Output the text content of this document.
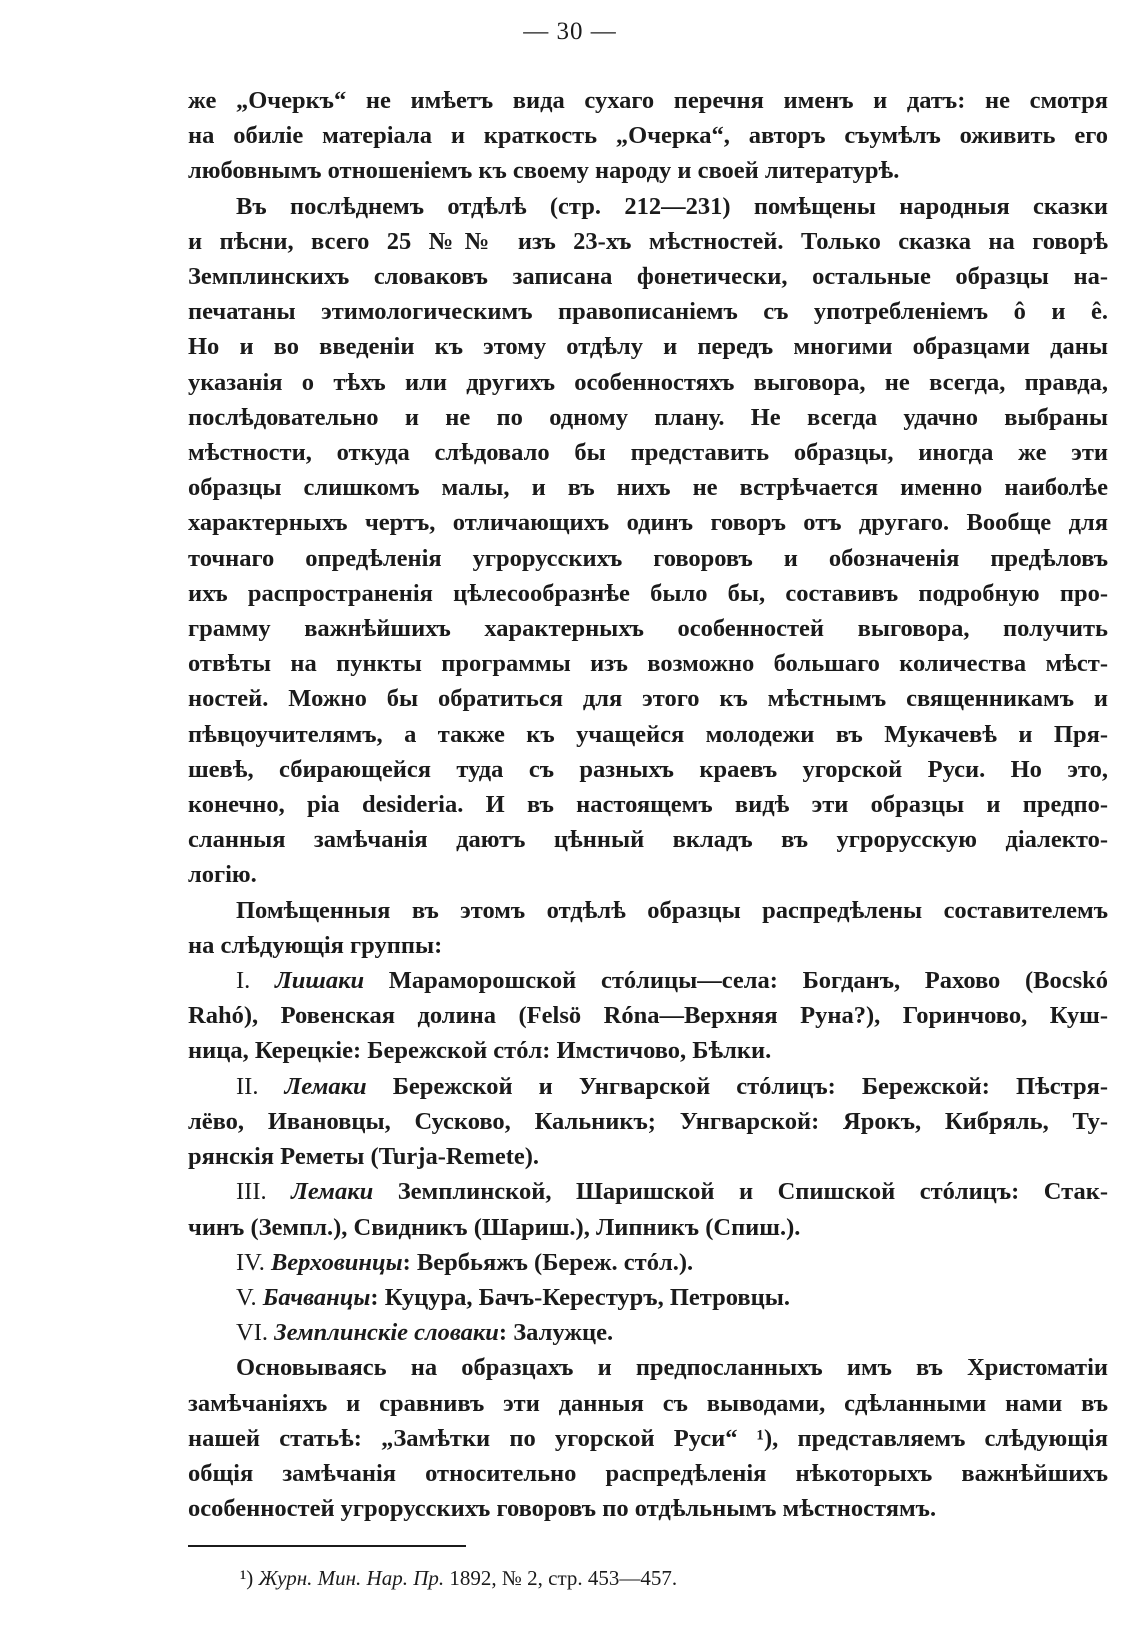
— 30 —
же „Очеркъ“ не имѣетъ вида сухаго перечня именъ и датъ: не смотря
на обиліе матеріала и краткость „Очерка“, авторъ съумѣлъ оживить его
любовнымъ отношеніемъ къ своему народу и своей литературѣ.
Въ послѣднемъ отдѣлѣ (стр. 212—231) помѣщены народныя сказки
и пѣсни, всего 25 №№ изъ 23-хъ мѣстностей. Только сказка на говорѣ
Земплинскихъ словаковъ записана фонетически, остальные образцы на-
печатаны этимологическимъ правописаніемъ съ употребленіемъ ô и ê.
Но и во введеніи къ этому отдѣлу и передъ многими образцами даны
указанія о тѣхъ или другихъ особенностяхъ выговора, не всегда, правда,
послѣдовательно и не по одному плану. Не всегда удачно выбраны
мѣстности, откуда слѣдовало бы представить образцы, иногда же эти
образцы слишкомъ малы, и въ нихъ не встрѣчается именно наиболѣе
характерныхъ чертъ, отличающихъ одинъ говоръ отъ другаго. Вообще для
точнаго опредѣленія угрорусскихъ говоровъ и обозначенія предѣловъ
ихъ распространенія цѣлесообразнѣе было бы, составивъ подробную про-
грамму важнѣйшихъ характерныхъ особенностей выговора, получить
отвѣты на пункты программы изъ возможно большаго количества мѣст-
ностей. Можно бы обратиться для этого къ мѣстнымъ священникамъ и
пѣвцоучителямъ, а также къ учащейся молодежи въ Мукачевѣ и Пря-
шевѣ, сбирающейся туда съ разныхъ краевъ угорской Руси. Но это,
конечно, pia desideria. И въ настоящемъ видѣ эти образцы и предпо-
сланныя замѣчанія даютъ цѣнный вкладъ въ угрорусскую діалекто-
логію.
Помѣщенныя въ этомъ отдѣлѣ образцы распредѣлены составителемъ
на слѣдующія группы:
I. Лишаки Мараморошской стóлицы—села: Богданъ, Рахово (Bocskó
Rahó), Ровенская долина (Felsö Róna—Верхняя Руна?), Горинчово, Куш-
ница, Керецкіе: Бережской стóл: Имстичово, Бѣлки.
II. Лемаки Бережской и Унгварской стóлицъ: Бережской: Пѣстря-
лёво, Ивановцы, Сусково, Кальникъ; Унгварской: Ярокъ, Кибряль, Ту-
рянскія Реметы (Turja-Remete).
III. Лемаки Земплинской, Шаришской и Спишской стóлицъ: Стак-
чинъ (Земпл.), Свидникъ (Шариш.), Липникъ (Спиш.).
IV. Верховинцы: Вербьяжъ (Береж. стóл.).
V. Бачванцы: Куцура, Бачъ-Керестуръ, Петровцы.
VI. Земплинскіе словаки: Залужце.
Основываясь на образцахъ и предпосланныхъ имъ въ Христоматіи
замѣчаніяхъ и сравнивъ эти данныя съ выводами, сдѣланными нами въ
нашей статьѣ: „Замѣтки по угорской Руси“ ¹), представляемъ слѣдующія
общія замѣчанія относительно распредѣленія нѣкоторыхъ важнѣйшихъ
особенностей угрорусскихъ говоровъ по отдѣльнымъ мѣстностямъ.
¹) Журн. Мин. Нар. Пр. 1892, № 2, стр. 453—457.
